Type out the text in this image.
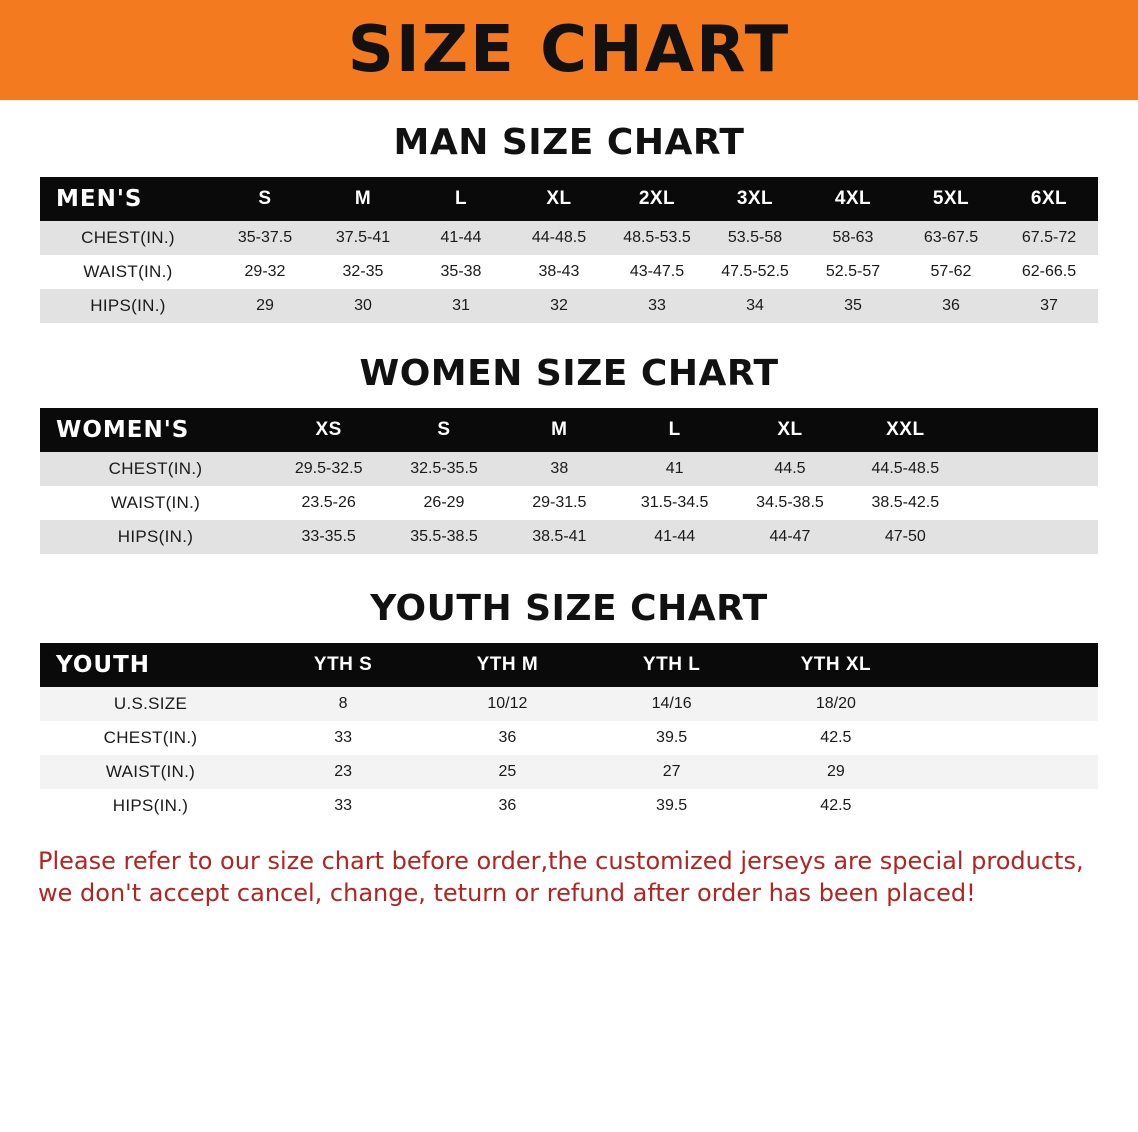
SIZE CHART
MAN SIZE CHART
MEN'S	S	M	L	XL	2XL	3XL	4XL	5XL	6XL
CHEST(IN.)	35-37.5	37.5-41	41-44	44-48.5	48.5-53.5	53.5-58	58-63	63-67.5	67.5-72
WAIST(IN.)	29-32	32-35	35-38	38-43	43-47.5	47.5-52.5	52.5-57	57-62	62-66.5
HIPS(IN.)	29	30	31	32	33	34	35	36	37
WOMEN SIZE CHART
WOMEN'S	XS	S	M	L	XL	XXL	
CHEST(IN.)	29.5-32.5	32.5-35.5	38	41	44.5	44.5-48.5	
WAIST(IN.)	23.5-26	26-29	29-31.5	31.5-34.5	34.5-38.5	38.5-42.5	
HIPS(IN.)	33-35.5	35.5-38.5	38.5-41	41-44	44-47	47-50	
YOUTH SIZE CHART
YOUTH	YTH S	YTH M	YTH L	YTH XL	
U.S.SIZE	8	10/12	14/16	18/20	
CHEST(IN.)	33	36	39.5	42.5	
WAIST(IN.)	23	25	27	29	
HIPS(IN.)	33	36	39.5	42.5	
Please refer to our size chart before order,the customized jerseys are special products,
we don't accept cancel, change, teturn or refund after order has been placed!
